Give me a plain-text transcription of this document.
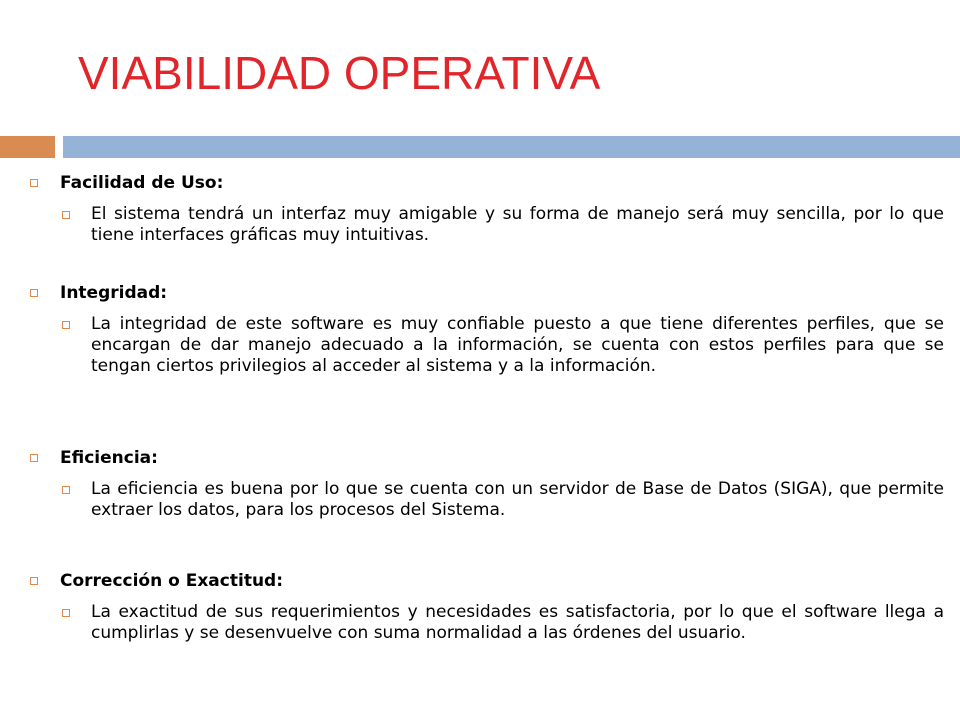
VIABILIDAD OPERATIVA
Facilidad de Uso:
El sistema tendrá un interfaz muy amigable y su forma de manejo será muy sencilla, por lo que tiene interfaces gráficas muy intuitivas.
Integridad:
La integridad de este software es muy confiable puesto a que tiene diferentes perfiles, que se encargan de dar manejo adecuado a la información, se cuenta con estos perfiles para que se tengan ciertos privilegios al acceder al sistema y a la información.
Eficiencia:
La eficiencia es buena por lo que se cuenta con un servidor de Base de Datos (SIGA), que permite extraer los datos, para los procesos del Sistema.
Corrección o Exactitud:
La exactitud de sus requerimientos y necesidades es satisfactoria, por lo que el software llega a cumplirlas y se desenvuelve con suma normalidad a las órdenes del usuario.
